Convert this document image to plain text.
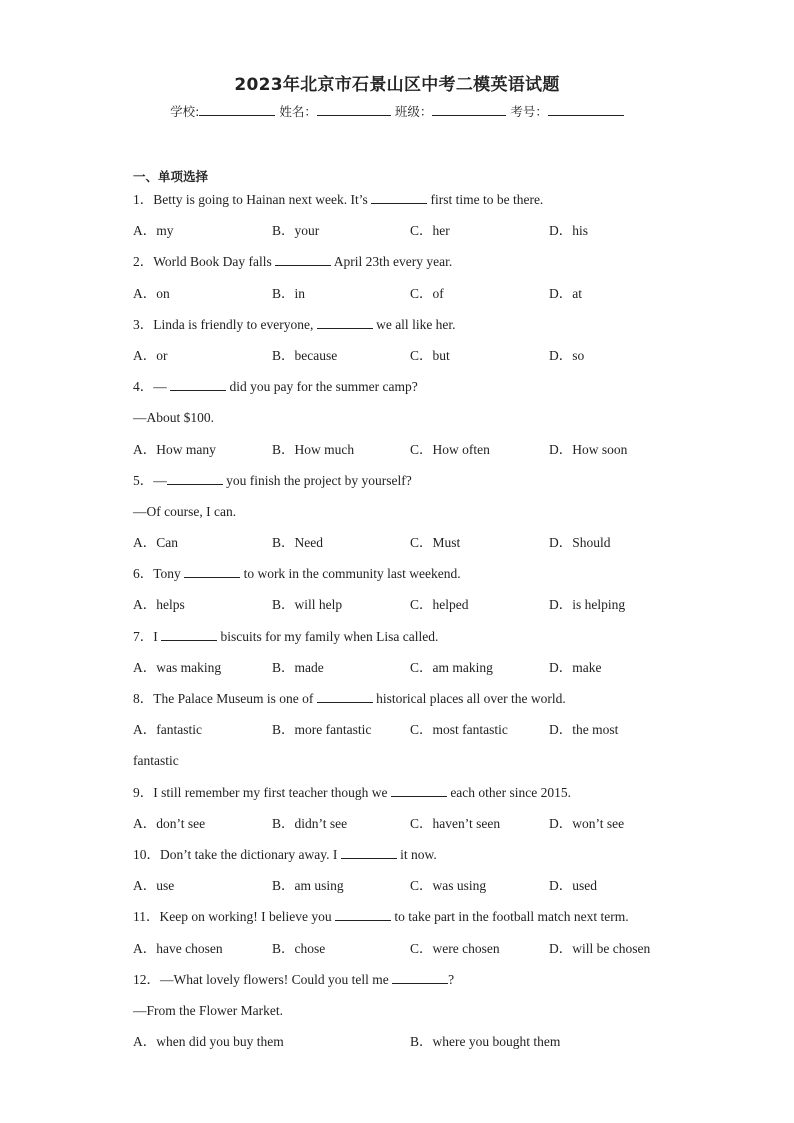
2023年北京市石景山区中考二模英语试题
学校:	姓名：	班级：	考号：
一、单项选择
1．Betty is going to Hainan next week. It’s	first time to be there.
A．my	B．your	C．her	D．his
2．World Book Day falls	April 23th every year.
A．on	B．in	C．of	D．at
3．Linda is friendly to everyone,	we all like her.
A．or	B．because	C．but	D．so
4．—	did you pay for the summer camp?
—About $100.
A．How many	B．How much	C．How often	D．How soon
5．—	you finish the project by yourself?
—Of course, I can.
A．Can	B．Need	C．Must	D．Should
6．Tony	to work in the community last weekend.
A．helps	B．will help	C．helped	D．is helping
7．I	biscuits for my family when Lisa called.
A．was making	B．made	C．am making	D．make
8．The Palace Museum is one of	historical places all over the world.
A．fantastic	B．more fantastic	C．most fantastic	D．the most
fantastic
9．I still remember my first teacher though we	each other since 2015.
A．don’t see	B．didn’t see	C．haven’t seen	D．won’t see
10．Don’t take the dictionary away. I	it now.
A．use	B．am using	C．was using	D．used
11．Keep on working! I believe you	to take part in the football match next term.
A．have chosen	B．chose	C．were chosen	D．will be chosen
12．—What lovely flowers! Could you tell me	?
—From the Flower Market.
A．when did you buy them	B．where you bought them
